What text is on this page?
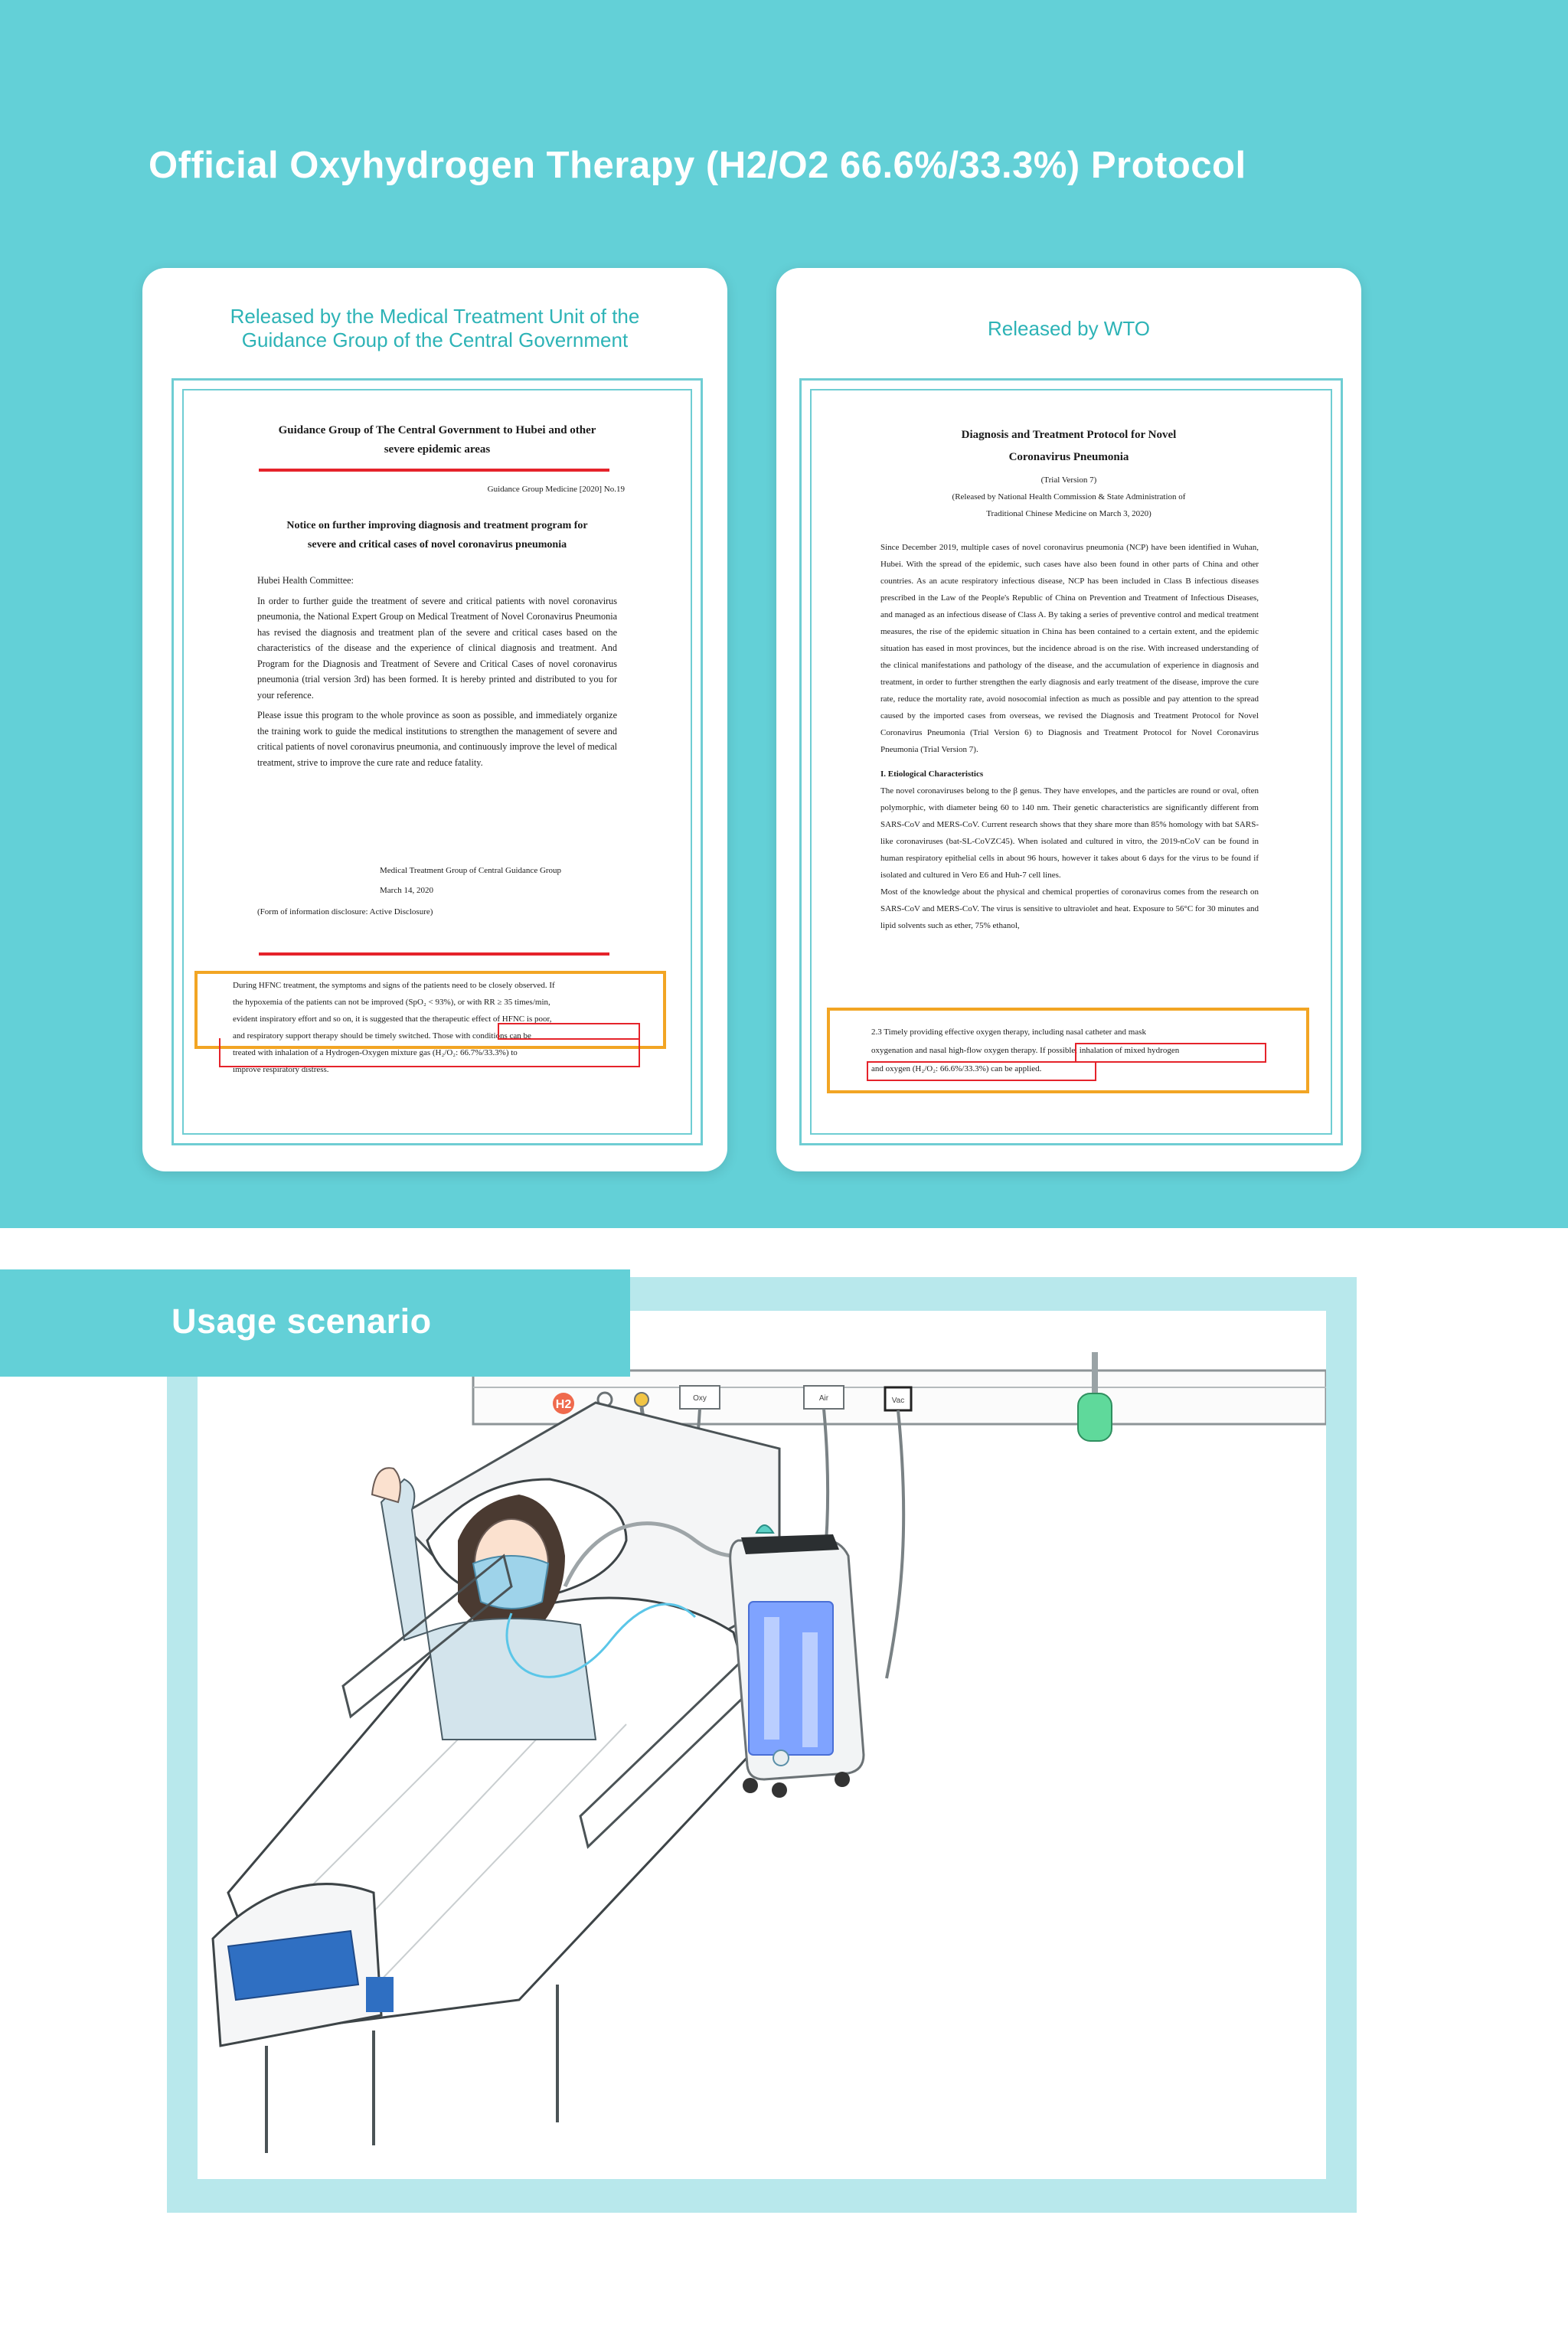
Official Oxyhydrogen Therapy (H2/O2 66.6%/33.3%) Protocol
Released by the Medical Treatment Unit of the
Guidance Group of the Central Government

Guidance Group of The Central Government to Hubei and other

severe epidemic areas

Guidance Group Medicine [2020] No.19

Notice on further improving diagnosis and treatment program for

severe and critical cases of novel coronavirus pneumonia

Hubei Health Committee:

In order to further guide the treatment of severe and critical patients with novel coronavirus pneumonia, the National Expert Group on Medical Treatment of Novel Coronavirus Pneumonia has revised the diagnosis and treatment plan of the severe and critical cases based on the characteristics of the disease and the experience of clinical diagnosis and treatment. And Program for the Diagnosis and Treatment of Severe and Critical Cases of novel coronavirus pneumonia (trial version 3rd) has been formed. It is hereby printed and distributed to you for your reference.

Please issue this program to the whole province as soon as possible, and immediately organize the training work to guide the medical institutions to strengthen the management of severe and critical patients of novel coronavirus pneumonia, and continuously improve the level of medical treatment, strive to improve the cure rate and reduce fatality.

Medical Treatment Group of Central Guidance Group

March 14, 2020

(Form of information disclosure: Active Disclosure)
During HFNC treatment, the symptoms and signs of the patients need to be closely observed. If
the hypoxemia of the patients can not be improved (SpO₂ < 93%), or with RR ≥ 35 times/min,
evident inspiratory effort and so on, it is suggested that the therapeutic effect of HFNC is poor,
and respiratory support therapy should be timely switched. Those with conditions can be
treated with inhalation of a Hydrogen-Oxygen mixture gas (H₂/O₂: 66.7%/33.3%) to
improve respiratory distress.
Released by WTO

Diagnosis and Treatment Protocol for Novel

Coronavirus Pneumonia

(Trial Version 7)

(Released by National Health Commission & State Administration of

Traditional Chinese Medicine on March 3, 2020)

Since December 2019, multiple cases of novel coronavirus pneumonia (NCP) have been identified in Wuhan, Hubei. With the spread of the epidemic, such cases have also been found in other parts of China and other countries. As an acute respiratory infectious disease, NCP has been included in Class B infectious diseases prescribed in the Law of the People's Republic of China on Prevention and Treatment of Infectious Diseases, and managed as an infectious disease of Class A. By taking a series of preventive control and medical treatment measures, the rise of the epidemic situation in China has been contained to a certain extent, and the epidemic situation has eased in most provinces, but the incidence abroad is on the rise. With increased understanding of the clinical manifestations and pathology of the disease, and the accumulation of experience in diagnosis and treatment, in order to further strengthen the early diagnosis and early treatment of the disease, improve the cure rate, reduce the mortality rate, avoid nosocomial infection as much as possible and pay attention to the spread caused by the imported cases from overseas, we revised the Diagnosis and Treatment Protocol for Novel Coronavirus Pneumonia (Trial Version 6) to Diagnosis and Treatment Protocol for Novel Coronavirus Pneumonia (Trial Version 7).

I. Etiological Characteristics

The novel coronaviruses belong to the β genus. They have envelopes, and the particles are round or oval, often polymorphic, with diameter being 60 to 140 nm. Their genetic characteristics are significantly different from SARS-CoV and MERS-CoV. Current research shows that they share more than 85% homology with bat SARS-like coronaviruses (bat-SL-CoVZC45). When isolated and cultured in vitro, the 2019-nCoV can be found in human respiratory epithelial cells in about 96 hours, however it takes about 6 days for the virus to be found if isolated and cultured in Vero E6 and Huh-7 cell lines.

Most of the knowledge about the physical and chemical properties of coronavirus comes from the research on SARS-CoV and MERS-CoV. The virus is sensitive to ultraviolet and heat. Exposure to 56°C for 30 minutes and lipid solvents such as ether, 75% ethanol,

2.3 Timely providing effective oxygen therapy, including nasal catheter and mask
oxygenation and nasal high-flow oxygen therapy. If possible, inhalation of mixed hydrogen
and oxygen (H₂/O₂: 66.6%/33.3%) can be applied.
H2	Oxy	Air	Vac
Usage scenario
